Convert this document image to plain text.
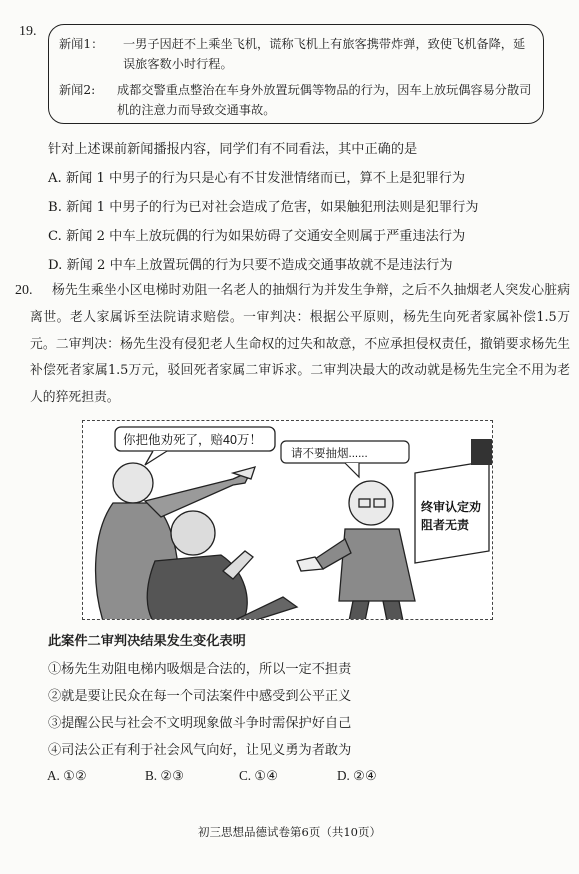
19.
新闻1：	一男子因赶不上乘坐飞机，谎称飞机上有旅客携带炸弹，致使飞机备降，延误旅客数小时行程。
新闻2:	成都交警重点整治在车身外放置玩偶等物品的行为，因车上放玩偶容易分散司机的注意力而导致交通事故。
针对上述课前新闻播报内容，同学们有不同看法，其中正确的是
A. 新闻 1 中男子的行为只是心有不甘发泄情绪而已，算不上是犯罪行为
B. 新闻 1 中男子的行为已对社会造成了危害，如果触犯刑法则是犯罪行为
C. 新闻 2 中车上放玩偶的行为如果妨碍了交通安全则属于严重违法行为
D. 新闻 2 中车上放置玩偶的行为只要不造成交通事故就不是违法行为
20.	杨先生乘坐小区电梯时劝阻一名老人的抽烟行为并发生争辩，之后不久抽烟老人突发心脏病离世。老人家属诉至法院请求赔偿。一审判决：根据公平原则，杨先生向死者家属补偿1.5万元。二审判决：杨先生没有侵犯老人生命权的过失和故意，不应承担侵权责任，撤销要求杨先生补偿死者家属1.5万元，驳回死者家属二审诉求。二审判决最大的改动就是杨先生完全不用为老人的猝死担责。
你把他劝死了，赔40万！
请不要抽烟......
终审认定劝
阻者无责
此案件二审判决结果发生变化表明
①杨先生劝阻电梯内吸烟是合法的，所以一定不担责
②就是要让民众在每一个司法案件中感受到公平正义
③提醒公民与社会不文明现象做斗争时需保护好自己
④司法公正有利于社会风气向好，让见义勇为者敢为
A. ①②	B. ②③	C. ①④	D. ②④
初三思想品德试卷第6页（共10页）
